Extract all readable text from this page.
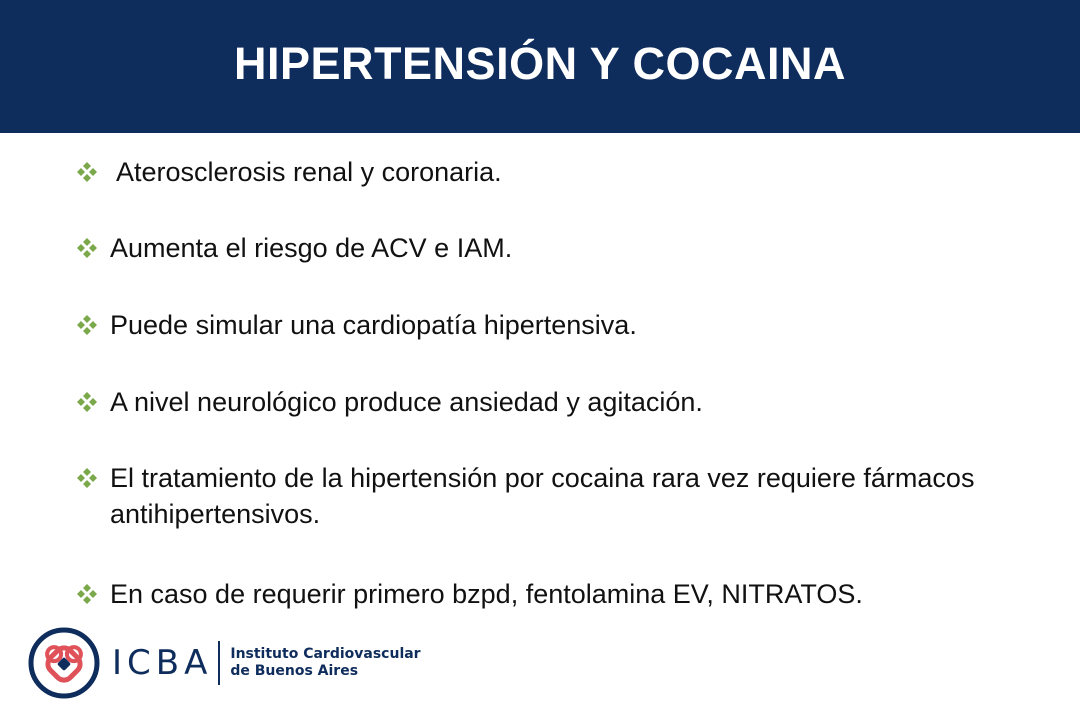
HIPERTENSIÓN Y COCAINA
Aterosclerosis renal y coronaria.
Aumenta el riesgo de ACV e IAM.
Puede simular una cardiopatía hipertensiva.
A nivel neurológico produce ansiedad y agitación.
El tratamiento de la hipertensión por cocaina rara vez requiere fármacos antihipertensivos.
En caso de requerir primero bzpd, fentolamina EV, NITRATOS.
ICBA Instituto Cardiovascular
de Buenos Aires
